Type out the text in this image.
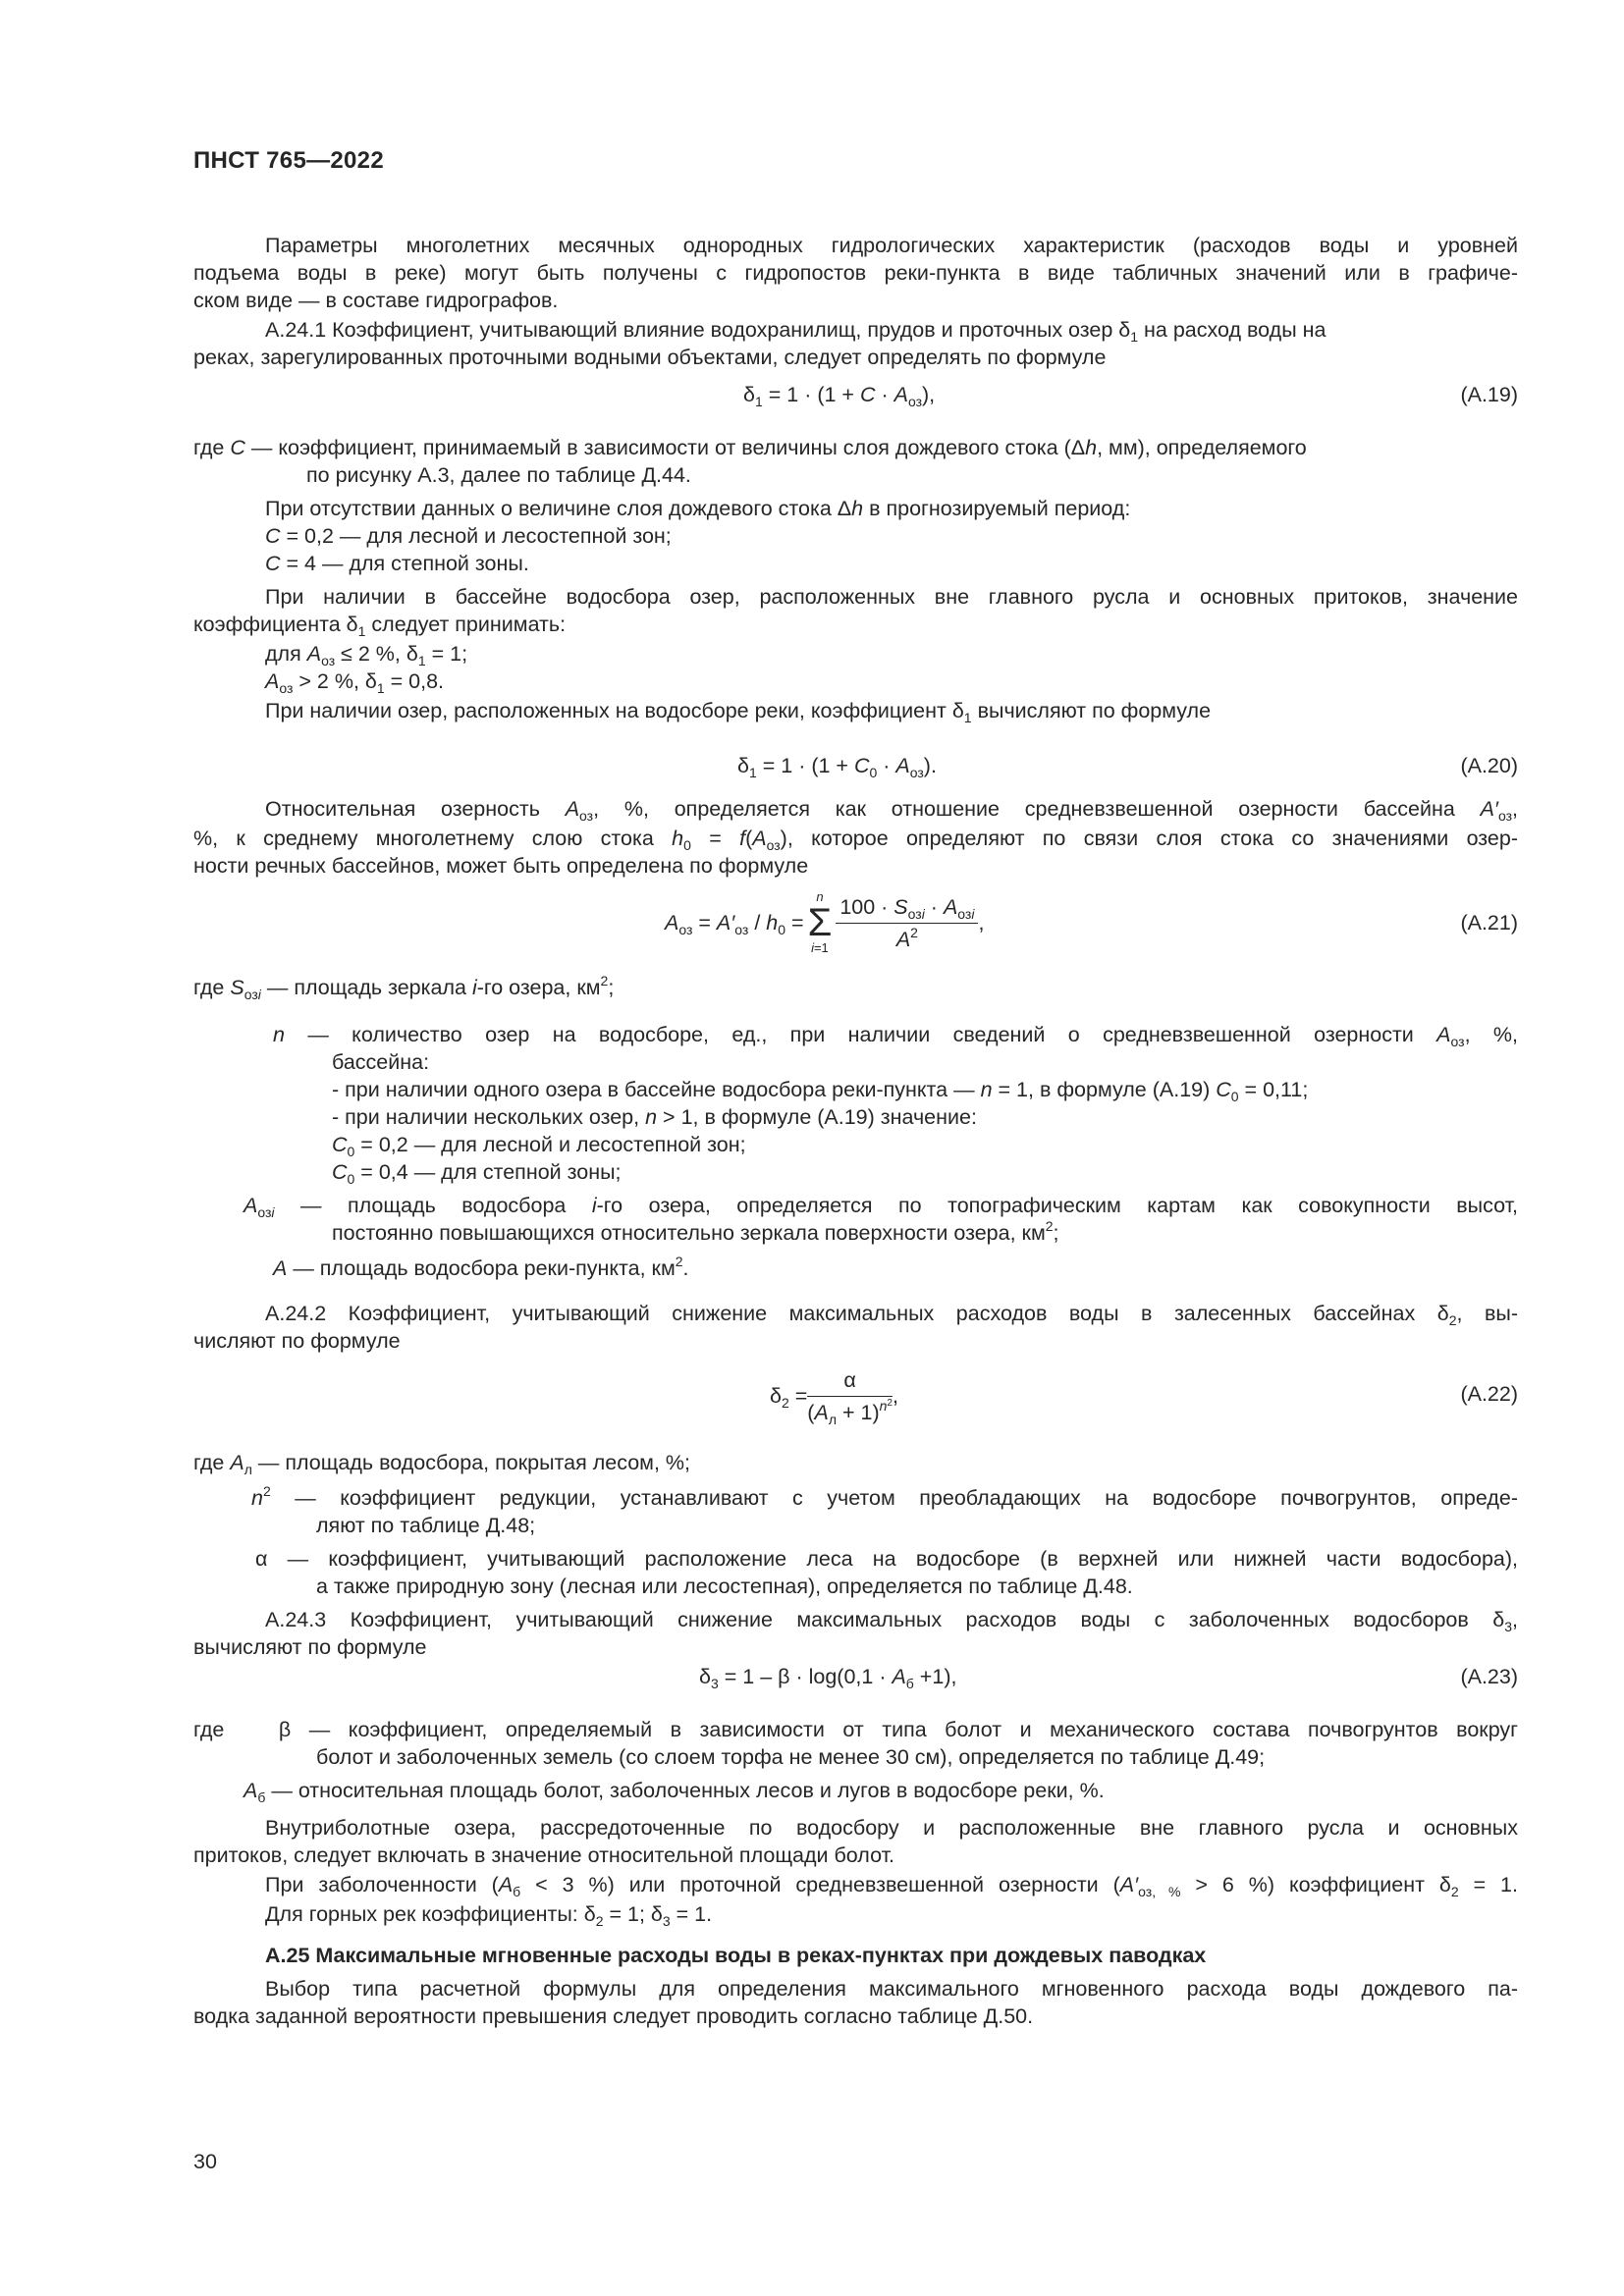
ПНСТ 765—2022
Параметры многолетних месячных однородных гидрологических характеристик (расходов воды и уровней
подъема воды в реке) могут быть получены с гидропостов реки-пункта в виде табличных значений или в графиче-
ском виде — в составе гидрографов.
А.24.1 Коэффициент, учитывающий влияние водохранилищ, прудов и проточных озер $\delta_1$ на расход воды на
реках, зарегулированных проточными водными объектами, следует определять по формуле
$\delta_1 = 1 \cdot (1 + C \cdot A_{оз})$,	(А.19)
где C — коэффициент, принимаемый в зависимости от величины слоя дождевого стока (Δh, мм), определяемого
по рисунку А.3, далее по таблице Д.44.
При отсутствии данных о величине слоя дождевого стока Δh в прогнозируемый период:
C = 0,2 — для лесной и лесостепной зон;
C = 4 — для степной зоны.
При наличии в бассейне водосбора озер, расположенных вне главного русла и основных притоков, значение
коэффициента $\delta_1$ следует принимать:
для $A_{оз} \le 2$ %, $\delta_1 = 1$;
$A_{оз} > 2$ %, $\delta_1 = 0,8$.
При наличии озер, расположенных на водосборе реки, коэффициент $\delta_1$ вычисляют по формуле
$\delta_1 = 1 \cdot (1 + C_0 \cdot A_{оз})$.	(А.20)
Относительная озерность $A_{оз}$, %, определяется как отношение средневзвешенной озерности бассейна $A'_{оз}$,
%, к среднему многолетнему слою стока $h_0 = f(A_{оз})$, которое определяют по связи слоя стока со значениями озер-
ности речных бассейнов, может быть определена по формуле
$A_{оз} = A'_{оз} / h_0$ =
n
Σ
$i=1 \frac{100 \cdot S_{озi} \cdot A_{озi}}{A^2}$ ,	(А.21)
где $S_{озi}$ — площадь зеркала i-го озера, $км^2$;
n — количество озер на водосборе, ед., при наличии сведений о средневзвешенной озерности $A_{оз}$, %,
бассейна:
- при наличии одного озера в бассейне водосбора реки-пункта — n = 1, в формуле (А.19) $C_0 = 0,11$;
- при наличии нескольких озер, n > 1, в формуле (А.19) значение:
$C_0 = 0,2$ — для лесной и лесостепной зон;
$C_0 = 0,4$ — для степной зоны;
$A_{озi}$ — площадь водосбора i-го озера, определяется по топографическим картам как совокупности высот,
постоянно повышающихся относительно зеркала поверхности озера, $км^2$;
A — площадь водосбора реки-пункта, $км^2$.
А.24.2 Коэффициент, учитывающий снижение максимальных расходов воды в залесенных бассейнах $\delta_2$, вы-
числяют по формуле
$\delta_2 = \frac{\alpha}{(A_л + 1)^{n^2}}$ ,	(А.22)
где $A_л$ — площадь водосбора, покрытая лесом, %;
$n^2$ — коэффициент редукции, устанавливают с учетом преобладающих на водосборе почвогрунтов, опреде-
ляют по таблице Д.48;
α — коэффициент, учитывающий расположение леса на водосборе (в верхней или нижней части водосбора),
а также природную зону (лесная или лесостепная), определяется по таблице Д.48.
А.24.3 Коэффициент, учитывающий снижение максимальных расходов воды с заболоченных водосборов $\delta_3$,
вычисляют по формуле
$\delta_3 = 1 - \beta \cdot \log(0,1 \cdot A_б +1)$,	(А.23)
где   β — коэффициент, определяемый в зависимости от типа болот и механического состава почвогрунтов вокруг
болот и заболоченных земель (со слоем торфа не менее 30 см), определяется по таблице Д.49;
$A_б$ — относительная площадь болот, заболоченных лесов и лугов в водосборе реки, %.
Внутриболотные озера, рассредоточенные по водосбору и расположенные вне главного русла и основных
притоков, следует включать в значение относительной площади болот.
При заболоченности ($A_б < 3$ %) или проточной средневзвешенной озерности ($A'_{оз, \%} > 6$ %) коэффициент $\delta_2 = 1$.
Для горных рек коэффициенты: $\delta_2 = 1$; $\delta_3 = 1$.
А.25 Максимальные мгновенные расходы воды в реках-пунктах при дождевых паводках
Выбор типа расчетной формулы для определения максимального мгновенного расхода воды дождевого па-
водка заданной вероятности превышения следует проводить согласно таблице Д.50.
30
